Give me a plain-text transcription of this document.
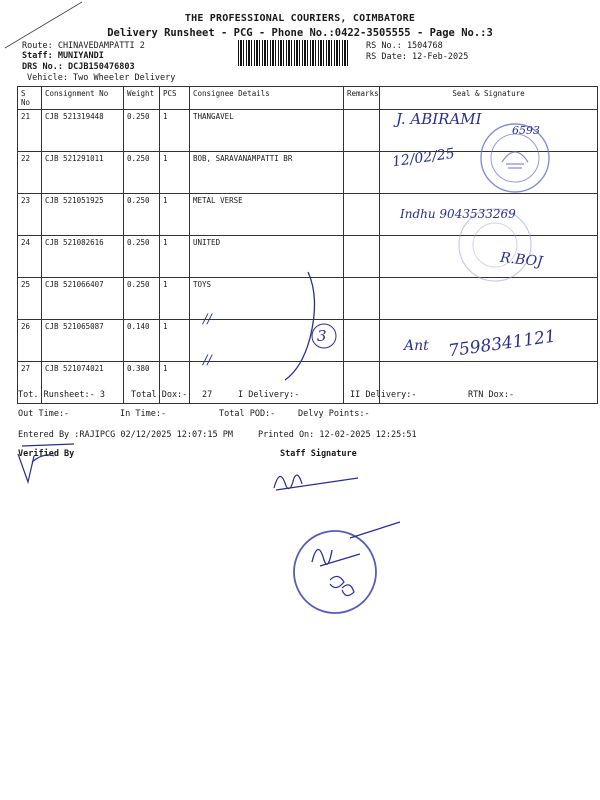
THE PROFESSIONAL COURIERS, COIMBATORE
Delivery Runsheet - PCG - Phone No.:0422-3505555 - Page No.:3
Route: CHINAVEDAMPATTI 2
Staff: MUNIYANDI
DRS No.: DCJB150476803
Vehicle: Two Wheeler Delivery
RS No.: 1504768
RS Date: 12-Feb-2025
S No	Consignment No	Weight	PCS	Consignee Details	Remarks	Seal & Signature
21	CJB 521319448	0.250	1	THANGAVEL		
22	CJB 521291011	0.250	1	BOB, SARAVANAMPATTI BR		
23	CJB 521051925	0.250	1	METAL VERSE		
24	CJB 521082616	0.250	1	UNITED		
25	CJB 521066407	0.250	1	TOYS		
26	CJB 521065087	0.140	1			
27	CJB 521074021	0.380	1			
J. ABIRAMI
6593
12/02/25
Indhu 9043533269
R.BOJ
//
//
3
Ant 7598341121
Tot. Runsheet:- 3	Total Dox:- 27	I Delivery:-	II Delivery:-	RTN Dox:-
Out Time:-	In Time:-	Total POD:-	Delvy Points:-
Entered By :RAJIPCG 02/12/2025 12:07:15 PM	Printed On: 12-02-2025 12:25:51
Verified By	Staff Signature
